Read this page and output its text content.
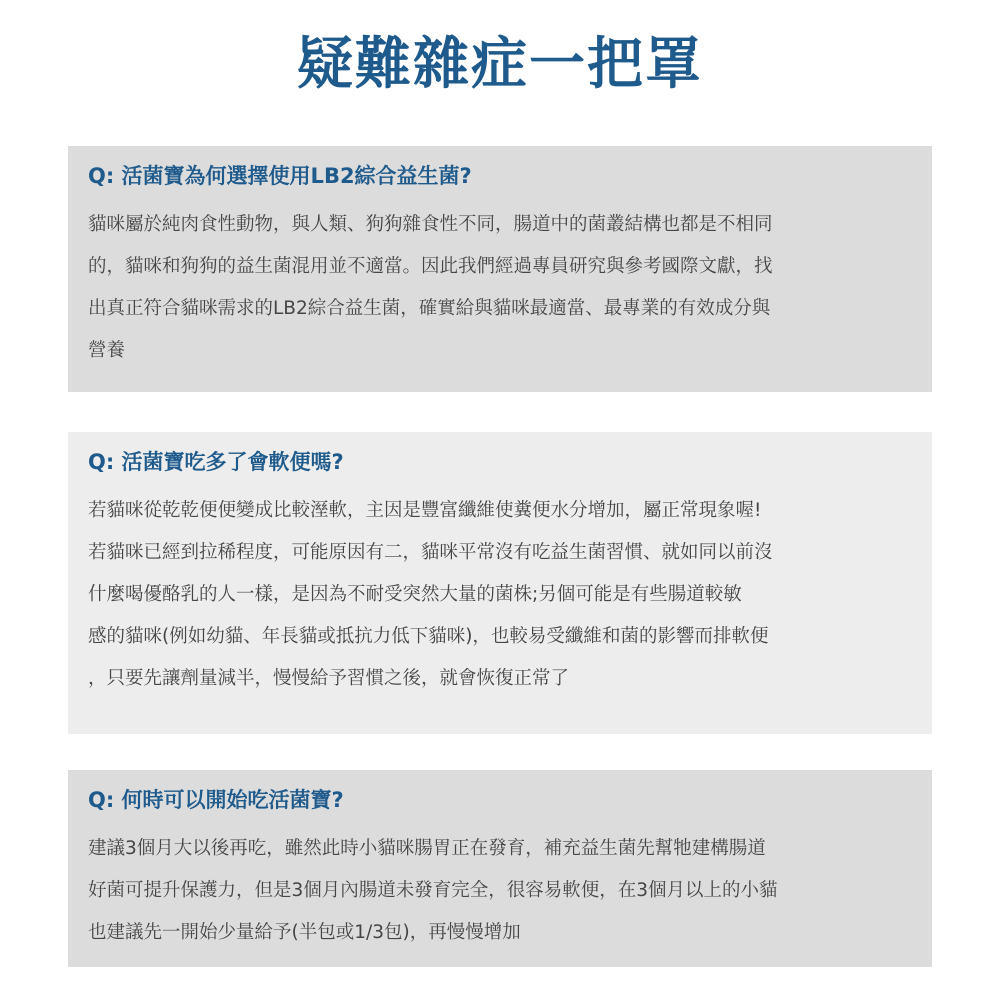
疑難雜症一把罩
Q: 活菌寶為何選擇使用LB2綜合益生菌?
貓咪屬於純肉食性動物，與人類、狗狗雜食性不同，腸道中的菌叢結構也都是不相同
的，貓咪和狗狗的益生菌混用並不適當。因此我們經過專員研究與參考國際文獻，找
出真正符合貓咪需求的LB2綜合益生菌，確實給與貓咪最適當、最專業的有效成分與
營養
Q: 活菌寶吃多了會軟便嗎?
若貓咪從乾乾便便變成比較溼軟，主因是豐富纖維使糞便水分增加，屬正常現象喔!
若貓咪已經到拉稀程度，可能原因有二，貓咪平常沒有吃益生菌習慣、就如同以前沒
什麼喝優酪乳的人一樣，是因為不耐受突然大量的菌株;另個可能是有些腸道較敏
感的貓咪(例如幼貓、年長貓或抵抗力低下貓咪)，也較易受纖維和菌的影響而排軟便
，只要先讓劑量減半，慢慢給予習慣之後，就會恢復正常了
Q: 何時可以開始吃活菌寶?
建議3個月大以後再吃，雖然此時小貓咪腸胃正在發育，補充益生菌先幫牠建構腸道
好菌可提升保護力，但是3個月內腸道未發育完全，很容易軟便，在3個月以上的小貓
也建議先一開始少量給予(半包或1/3包)，再慢慢增加
